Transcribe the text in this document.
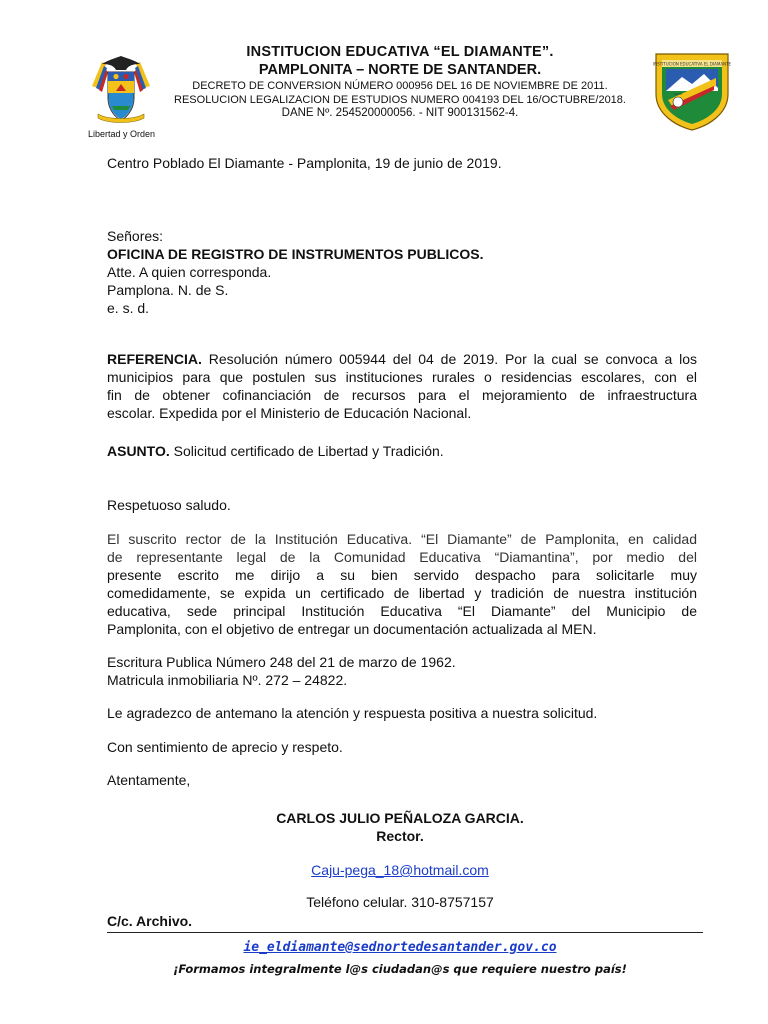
Libertad y Orden
INSTITUCION EDUCATIVA “EL DIAMANTE”.
PAMPLONITA – NORTE DE SANTANDER.
DECRETO DE CONVERSION NÚMERO 000956 DEL 16 DE NOVIEMBRE DE 2011.
RESOLUCION LEGALIZACION DE ESTUDIOS NUMERO 004193 DEL 16/OCTUBRE/2018.
DANE Nº. 254520000056. - NIT 900131562-4.
INSTITUCION EDUCATIVA EL DIAMANTE
Centro Poblado El Diamante - Pamplonita, 19 de junio de 2019.
Señores:
OFICINA DE REGISTRO DE INSTRUMENTOS PUBLICOS.
Atte. A quien corresponda.
Pamplona. N. de S.
e. s. d.
REFERENCIA. Resolución número 005944 del 04 de 2019. Por la cual se convoca a los
municipios para que postulen sus instituciones rurales o residencias escolares, con el
fin de obtener cofinanciación de recursos para el mejoramiento de infraestructura
escolar. Expedida por el Ministerio de Educación Nacional.
ASUNTO. Solicitud certificado de Libertad y Tradición.
Respetuoso saludo.
El suscrito rector de la Institución Educativa. “El Diamante” de Pamplonita, en calidad
de representante legal de la Comunidad Educativa “Diamantina”, por medio del
presente escrito me dirijo a su bien servido despacho para solicitarle muy
comedidamente, se expida un certificado de libertad y tradición de nuestra institución
educativa, sede principal Institución Educativa “El Diamante” del Municipio de
Pamplonita, con el objetivo de entregar un documentación actualizada al MEN.
Escritura Publica Número 248 del 21 de marzo de 1962.
Matricula inmobiliaria Nº. 272 – 24822.
Le agradezco de antemano la atención y respuesta positiva a nuestra solicitud.
Con sentimiento de aprecio y respeto.
Atentamente,
CARLOS JULIO PEÑALOZA GARCIA.
Rector.
Caju-pega_18@hotmail.com
Teléfono celular. 310-8757157
C/c. Archivo.
ie_eldiamante@sednortedesantander.gov.co
¡Formamos integralmente l@s ciudadan@s que requiere nuestro país!
